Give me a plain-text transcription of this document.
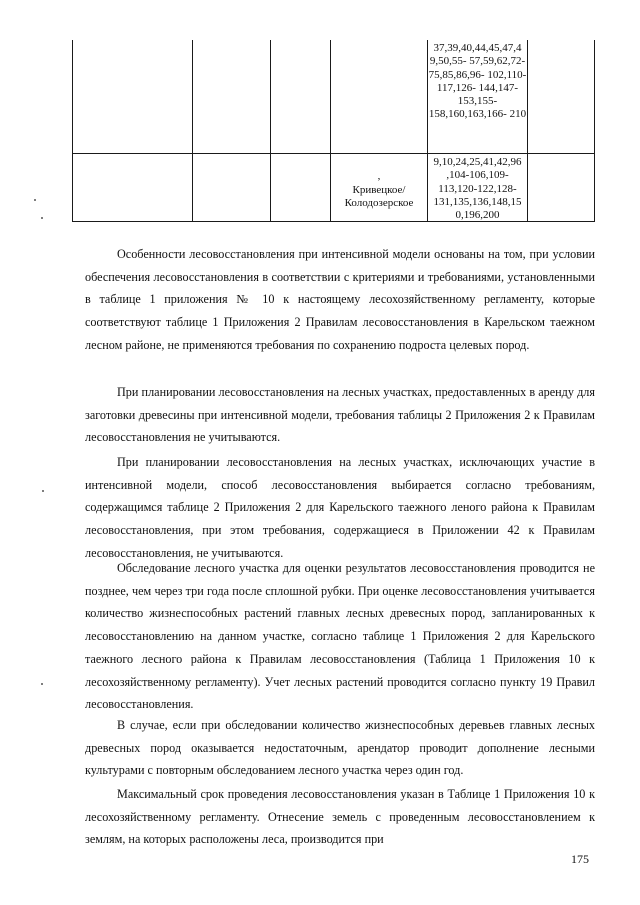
37,39,40,44,45,47,4 9,50,55- 57,59,62,72- 75,85,86,96- 102,110-117,126- 144,147-153,155- 158,160,163,166- 210
,
Кривецкое/ Колодозерское
9,10,24,25,41,42,96 ,104-106,109- 113,120-122,128- 131,135,136,148,15 0,196,200

Особенности лесовосстановления при интенсивной модели основаны на том, при условии обеспечения лесовосстановления в соответствии с критериями и требованиями, установленными в таблице 1 приложения № 10 к настоящему лесохозяйственному регламенту, которые соответствуют таблице 1 Приложения 2 Правилам лесовосстановления в Карельском таежном лесном районе, не применяются требования по сохранению подроста целевых пород.

При планировании лесовосстановления на лесных участках, предоставленных в аренду для заготовки древесины при интенсивной модели, требования таблицы 2 Приложения 2 к Правилам лесовосстановления не учитываются.

При планировании лесовосстановления на лесных участках, исключающих участие в интенсивной модели, способ лесовосстановления выбирается согласно требованиям, содержащимся таблице 2 Приложения 2 для Карельского таежного леного района к Правилам лесовосстановления, при этом требования, содержащиеся в Приложении 42 к Правилам лесовосстановления, не учитываются.

Обследование лесного участка для оценки результатов лесовосстановления проводится не позднее, чем через три года после сплошной рубки. При оценке лесовосстановления учитывается количество жизнеспособных растений главных лесных древесных пород, запланированных к лесовосстановлению на данном участке, согласно таблице 1 Приложения 2 для Карельского таежного лесного района к Правилам лесовосстановления (Таблица 1 Приложения 10 к лесохозяйственному регламенту). Учет лесных растений проводится согласно пункту 19 Правил лесовосстановления.

В случае, если при обследовании количество жизнеспособных деревьев главных лесных древесных пород оказывается недостаточным, арендатор проводит дополнение лесными культурами с повторным обследованием лесного участка через один год.

Максимальный срок проведения лесовосстановления указан в Таблице 1 Приложения 10 к лесохозяйственному регламенту. Отнесение земель с проведенным лесовосстановлением к землям, на которых расположены леса, производится при

175
